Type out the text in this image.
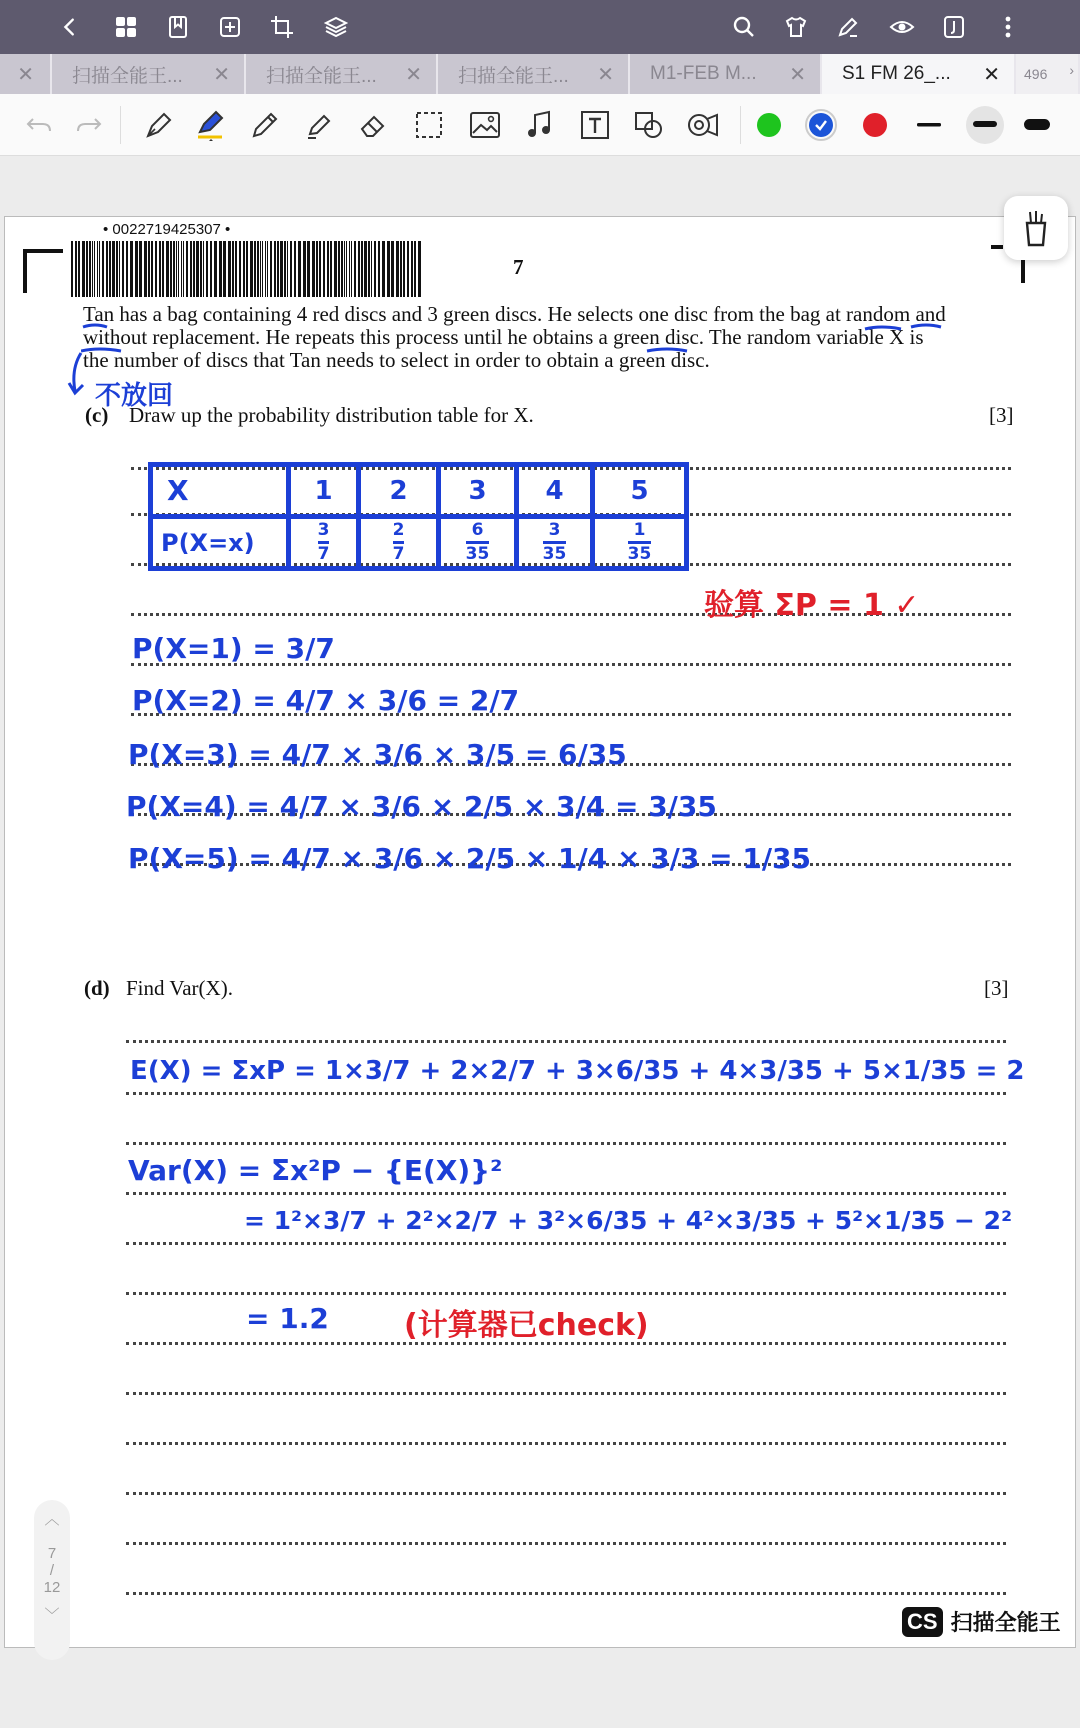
✕ 扫描全能王... ✕ 扫描全能王... ✕ 扫描全能王... ✕ M1-FEB M... ✕ S1 FM 26_... ✕ 496 ›
• 0022719425307 •
7
Tan has a bag containing 4 red discs and 3 green discs. He selects one disc from the bag at random and
without replacement. He repeats this process until he obtains a green disc. The random variable X is
the number of discs that Tan needs to select in order to obtain a green disc.
不放回
(c) Draw up the probability distribution table for X.	[3]
X	1	2	3	4	5
P(X=x)	$\frac{3}{7}$	$\frac{2}{7}$	$\frac{6}{35}$	$\frac{3}{35}$	$\frac{1}{35}$
验算 ΣP = 1 ✓
P(X=1) = 3/7
P(X=2) = 4/7 × 3/6 = 2/7
P(X=3) = 4/7 × 3/6 × 3/5 = 6/35
P(X=4) = 4/7 × 3/6 × 2/5 × 3/4 = 3/35
P(X=5) = 4/7 × 3/6 × 2/5 × 1/4 × 3/3 = 1/35
(d) Find Var(X).	[3]
E(X) = ΣxP = 1×3/7 + 2×2/7 + 3×6/35 + 4×3/35 + 5×1/35 = 2
Var(X) = Σx²P − {E(X)}²
= 1²×3/7 + 2²×2/7 + 3²×6/35 + 4²×3/35 + 5²×1/35 − 2²
= 1.2	(计算器已check)
︿
7
/
12
﹀	CS 扫描全能王
